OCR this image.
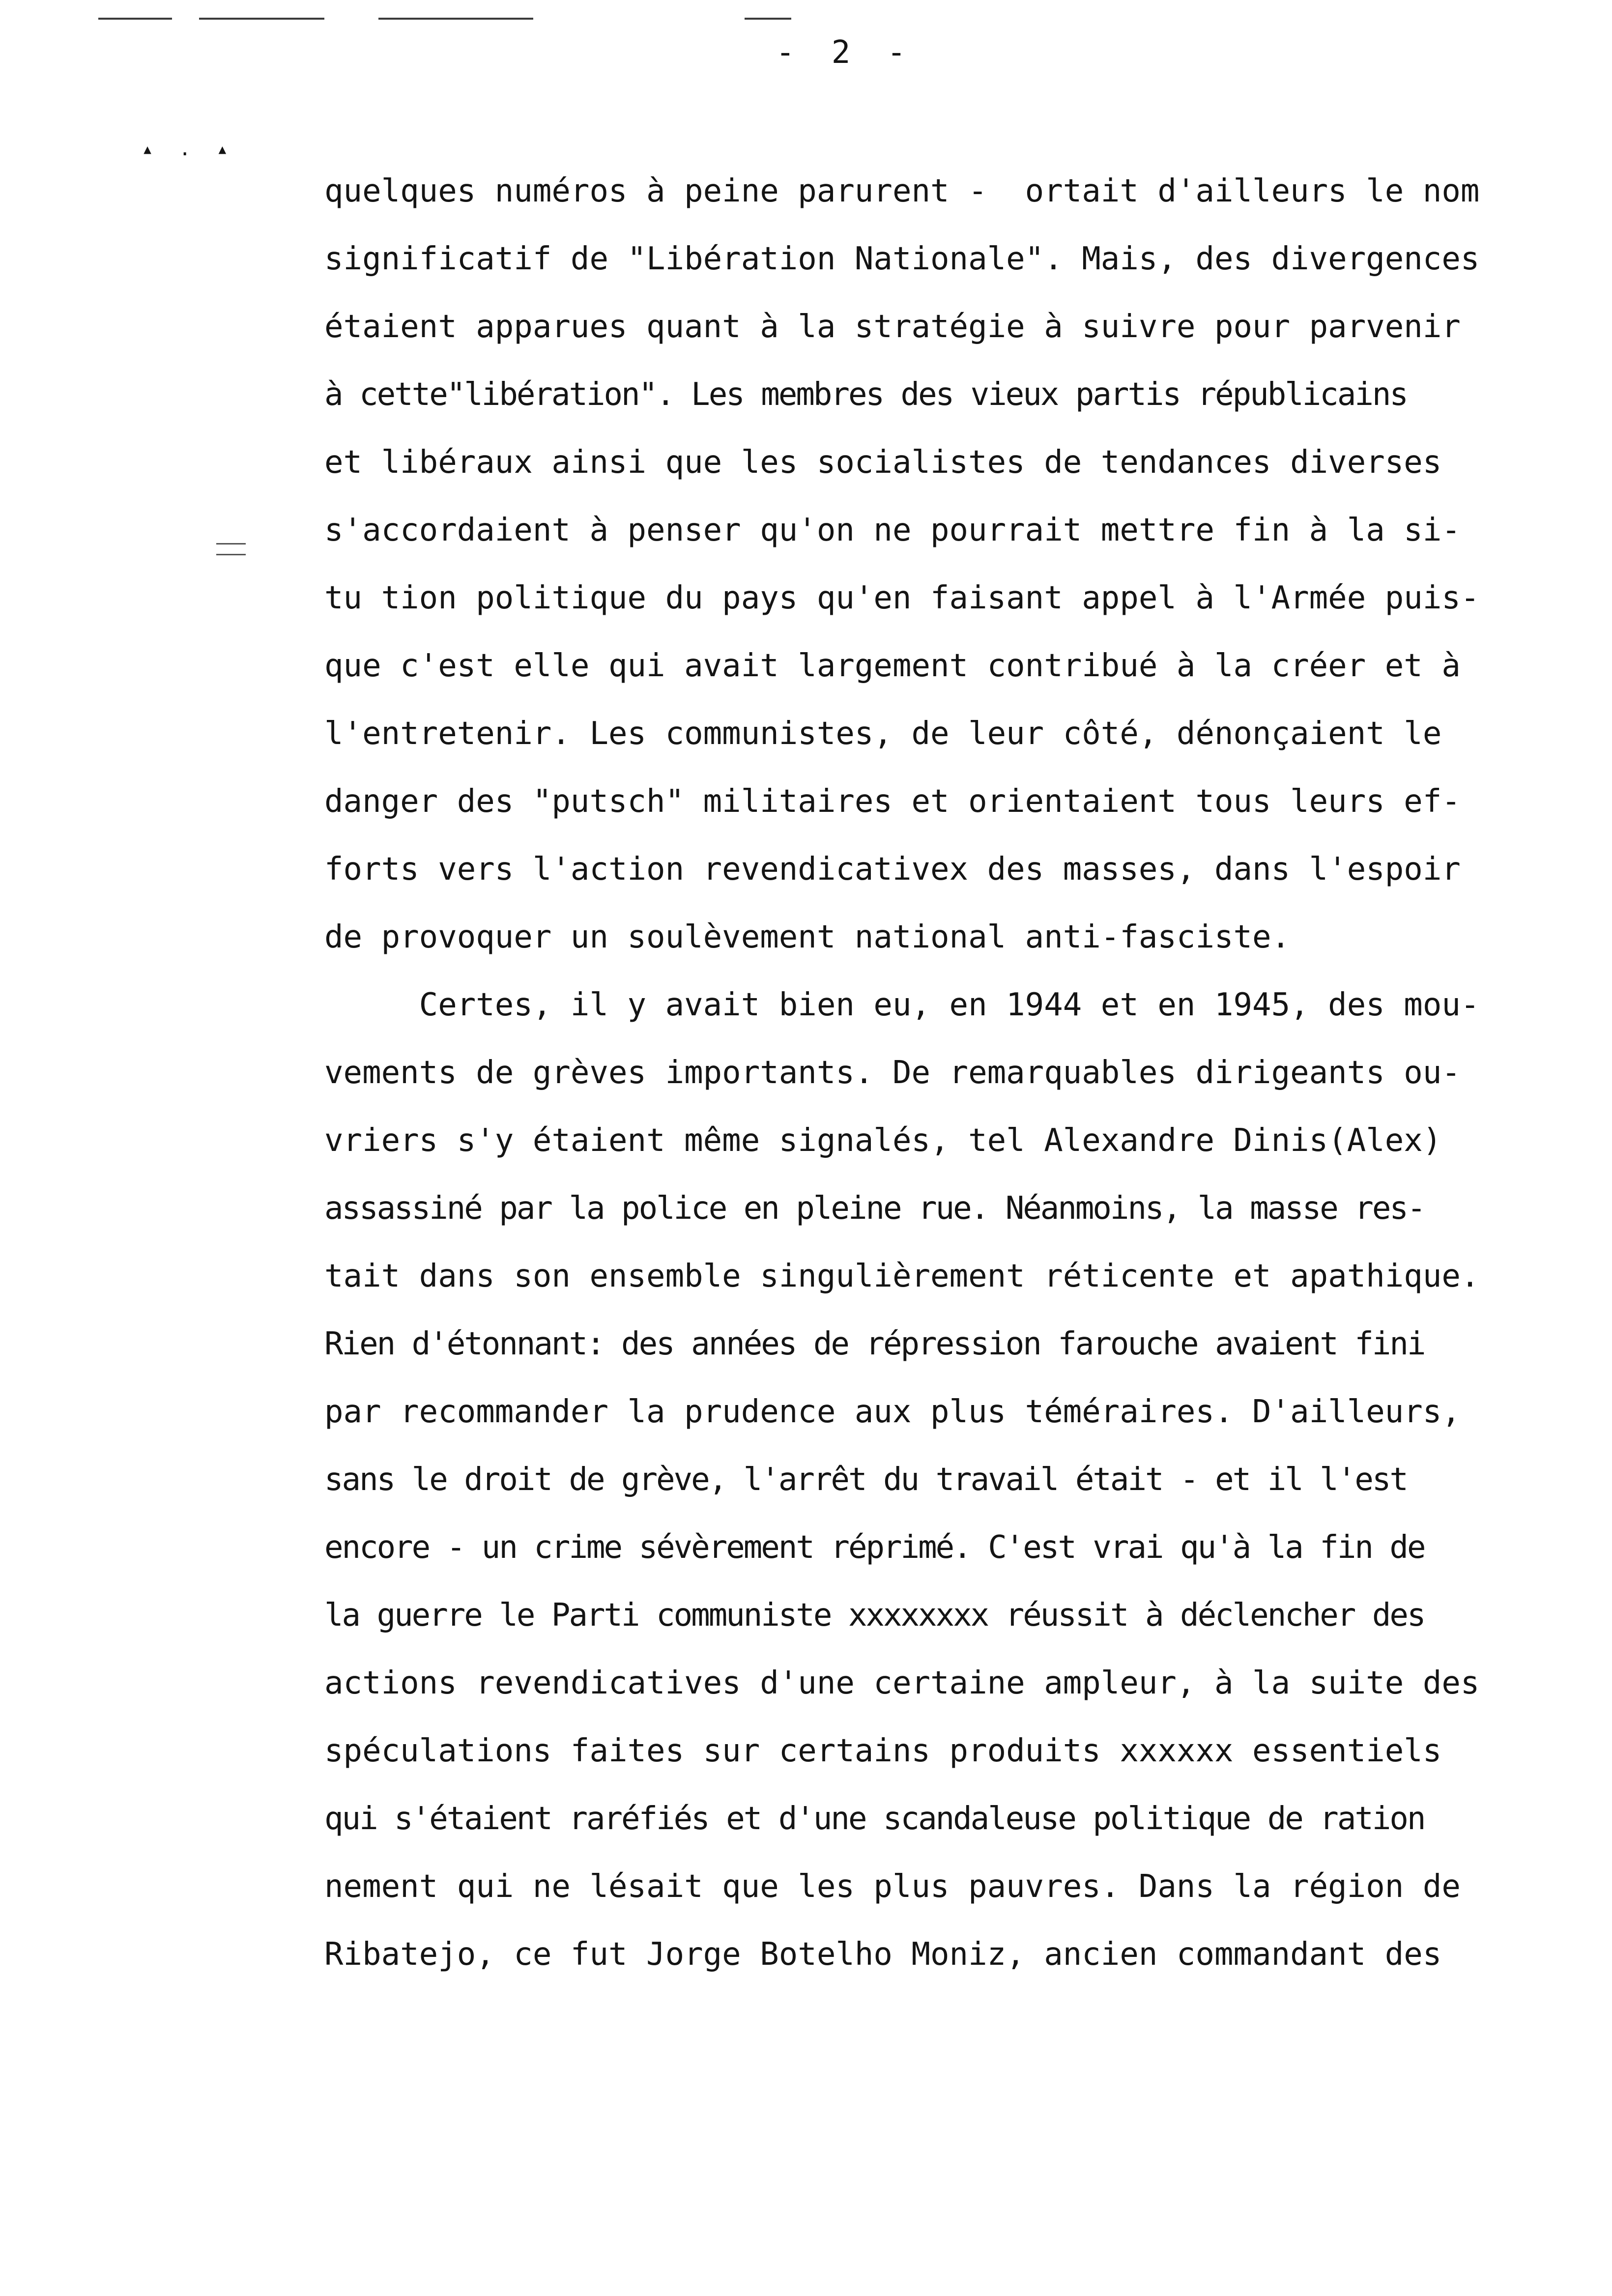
- 2 -
▴ . ▴
quelques numéros à peine parurent -  ortait d'ailleurs le nom
significatif de "Libération Nationale". Mais, des divergences
étaient apparues quant à la stratégie à suivre pour parvenir
à cette"libération". Les membres des vieux partis républicains
et libéraux ainsi que les socialistes de tendances diverses
s'accordaient à penser qu'on ne pourrait mettre fin à la si-
tu tion politique du pays qu'en faisant appel à l'Armée puis-
que c'est elle qui avait largement contribué à la créer et à
l'entretenir. Les communistes, de leur côté, dénonçaient le
danger des "putsch" militaires et orientaient tous leurs ef-
forts vers l'action revendicativex des masses, dans l'espoir
de provoquer un soulèvement national anti-fasciste.
Certes, il y avait bien eu, en 1944 et en 1945, des mou-
vements de grèves importants. De remarquables dirigeants ou-
vriers s'y étaient même signalés, tel Alexandre Dinis(Alex)
assassiné par la police en pleine rue. Néanmoins, la masse res-
tait dans son ensemble singulièrement réticente et apathique.
Rien d'étonnant: des années de répression farouche avaient fini
par recommander la prudence aux plus téméraires. D'ailleurs,
sans le droit de grève, l'arrêt du travail était - et il l'est
encore - un crime sévèrement réprimé. C'est vrai qu'à la fin de
la guerre le Parti communiste xxxxxxxx réussit à déclencher des
actions revendicatives d'une certaine ampleur, à la suite des
spéculations faites sur certains produits xxxxxx essentiels
qui s'étaient raréfiés et d'une scandaleuse politique de ration
nement qui ne lésait que les plus pauvres. Dans la région de
Ribatejo, ce fut Jorge Botelho Moniz, ancien commandant des
